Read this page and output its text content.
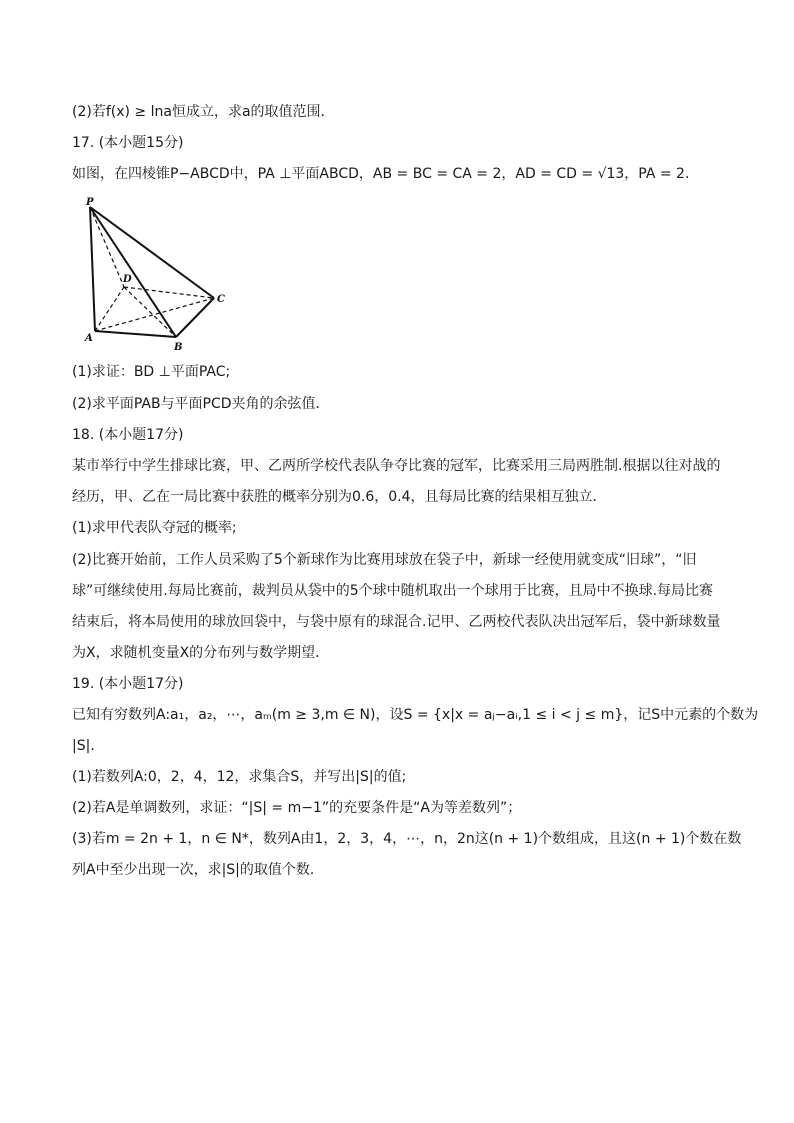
(2)若f(x) ≥ lna恒成立，求a的取值范围．
17. (本小题15分)
如图，在四棱锥P−ABCD中，PA ⊥平面ABCD，AB = BC = CA = 2，AD = CD = √13，PA = 2．
P
A
B
C
D
(1)求证：BD ⊥平面PAC;
(2)求平面PAB与平面PCD夹角的余弦值．
18. (本小题17分)
某市举行中学生排球比赛，甲、乙两所学校代表队争夺比赛的冠军，比赛采用三局两胜制.根据以往对战的
经历，甲、乙在一局比赛中获胜的概率分别为0.6，0.4，且每局比赛的结果相互独立．
(1)求甲代表队夺冠的概率;
(2)比赛开始前，工作人员采购了5个新球作为比赛用球放在袋子中，新球一经使用就变成“旧球”，“旧
球”可继续使用.每局比赛前，裁判员从袋中的5个球中随机取出一个球用于比赛，且局中不换球.每局比赛
结束后，将本局使用的球放回袋中，与袋中原有的球混合.记甲、乙两校代表队决出冠军后，袋中新球数量
为X，求随机变量X的分布列与数学期望．
19. (本小题17分)
已知有穷数列A:a₁，a₂，⋯，aₘ(m ≥ 3,m ∈ N)，设S = {x|x = aⱼ−aᵢ,1 ≤ i < j ≤ m}，记S中元素的个数为
|S|．
(1)若数列A:0，2，4，12，求集合S，并写出|S|的值;
(2)若A是单调数列，求证：“|S| = m−1”的充要条件是“A为等差数列”；
(3)若m = 2n + 1，n ∈ N*，数列A由1，2，3，4，⋯，n，2n这(n + 1)个数组成，且这(n + 1)个数在数
列A中至少出现一次，求|S|的取值个数．
